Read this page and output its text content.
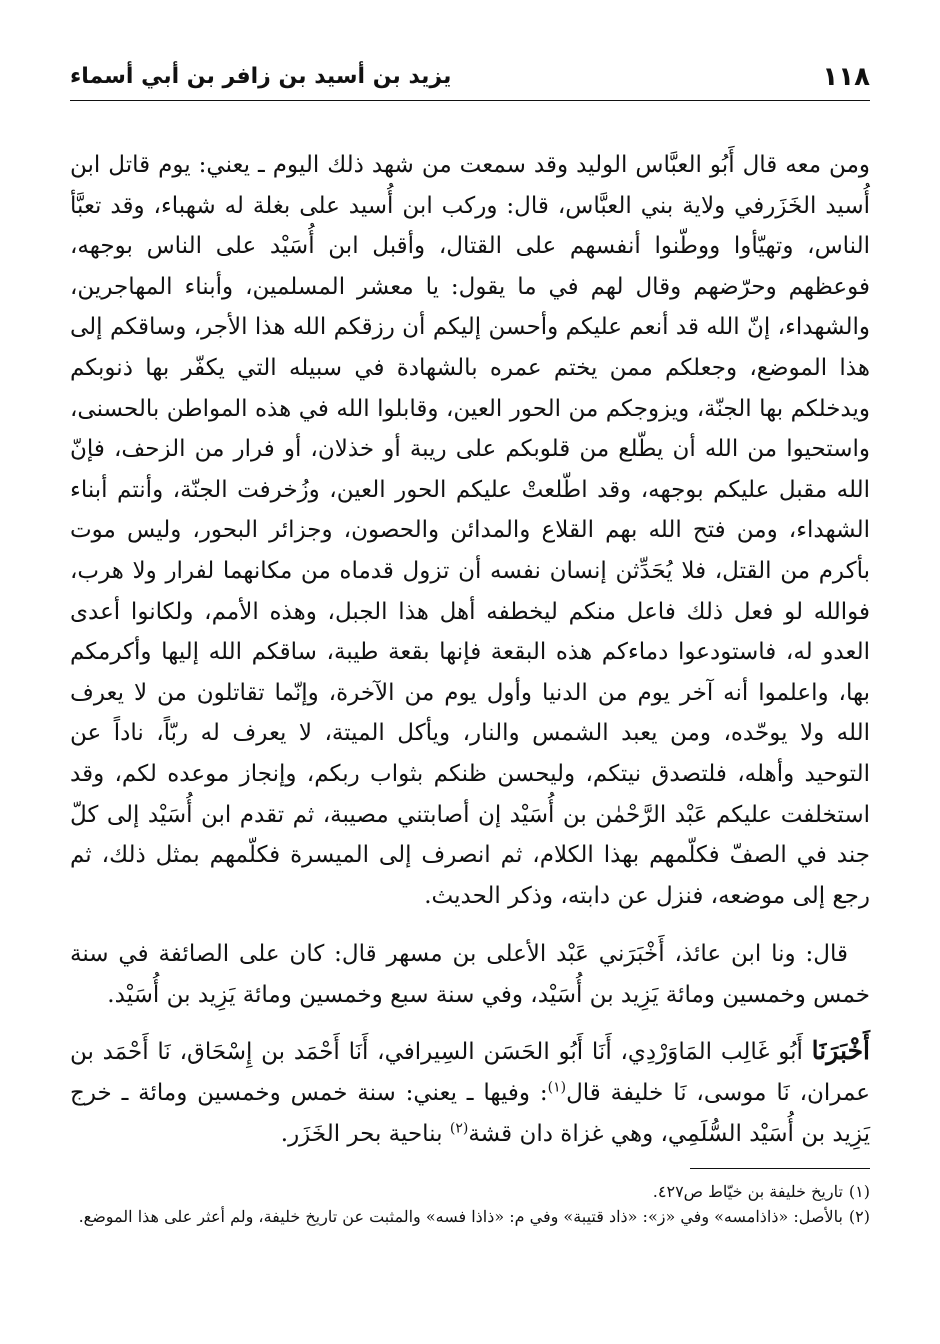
١١٨
يزيد بن أسيد بن زافر بن أبي أسماء

ومن معه قال أَبُو العبَّاس الوليد وقد سمعت من شهد ذلك اليوم ـ يعني: يوم قاتل ابن أُسيد الخَزَرفي ولاية بني العبَّاس، قال: وركب ابن أُسيد على بغلة له شهباء، وقد تعبَّأ الناس، وتهيّأوا ووطّنوا أنفسهم على القتال، وأقبل ابن أُسَيْد على الناس بوجهه، فوعظهم وحرّضهم وقال لهم في ما يقول: يا معشر المسلمين، وأبناء المهاجرين، والشهداء، إنّ الله قد أنعم عليكم وأحسن إليكم أن رزقكم الله هذا الأجر، وساقكم إلى هذا الموضع، وجعلكم ممن يختم عمره بالشهادة في سبيله التي يكفّر بها ذنوبكم ويدخلكم بها الجنّة، ويزوجكم من الحور العين، وقابلوا الله في هذه المواطن بالحسنى، واستحيوا من الله أن يطّلع من قلوبكم على ريبة أو خذلان، أو فرار من الزحف، فإنّ الله مقبل عليكم بوجهه، وقد اطّلعتْ عليكم الحور العين، وزُخرفت الجنّة، وأنتم أبناء الشهداء، ومن فتح الله بهم القلاع والمدائن والحصون، وجزائر البحور، وليس موت بأكرم من القتل، فلا يُحَدِّثن إنسان نفسه أن تزول قدماه من مكانهما لفرار ولا هرب، فوالله لو فعل ذلك فاعل منكم ليخطفه أهل هذا الجبل، وهذه الأمم، ولكانوا أعدى العدو له، فاستودعوا دماءكم هذه البقعة فإنها بقعة طيبة، ساقكم الله إليها وأكرمكم بها، واعلموا أنه آخر يوم من الدنيا وأول يوم من الآخرة، وإنّما تقاتلون من لا يعرف الله ولا يوحّده، ومن يعبد الشمس والنار، ويأكل الميتة، لا يعرف له ربّاً، ناداً عن التوحيد وأهله، فلتصدق نيتكم، وليحسن ظنكم بثواب ربكم، وإنجاز موعده لكم، وقد استخلفت عليكم عَبْد الرَّحْمٰن بن أُسَيْد إن أصابتني مصيبة، ثم تقدم ابن أُسَيْد إلى كلّ جند في الصفّ فكلّمهم بهذا الكلام، ثم انصرف إلى الميسرة فكلّمهم بمثل ذلك، ثم رجع إلى موضعه، فنزل عن دابته، وذكر الحديث.

قال: ونا ابن عائذ، أَخْبَرَني عَبْد الأعلى بن مسهر قال: كان على الصائفة في سنة خمس وخمسين ومائة يَزِيد بن أُسَيْد، وفي سنة سبع وخمسين ومائة يَزِيد بن أُسَيْد.

أَخْبَرَنَا أَبُو غَالِب المَاوَرْدِي، أَنَا أَبُو الحَسَن السِيرافي، أَنَا أَحْمَد بن إِسْحَاق، نَا أَحْمَد بن عمران، نَا موسى، نَا خليفة قال$^{(١)}$: وفيها ـ يعني: سنة خمس وخمسين ومائة ـ خرج يَزِيد بن أُسَيْد السُّلَمِي، وهي غزاة دان قشة$^{(٢)}$ بناحية بحر الخَزَر.

(١)تاريخ خليفة بن خيّاط ص٤٢٧.

(٢)بالأصل: «ذاذامسه» وفي «ز»: «ذاد قتيبة» وفي م: «ذاذا فسه» والمثبت عن تاريخ خليفة، ولم أعثر على هذا الموضع.
